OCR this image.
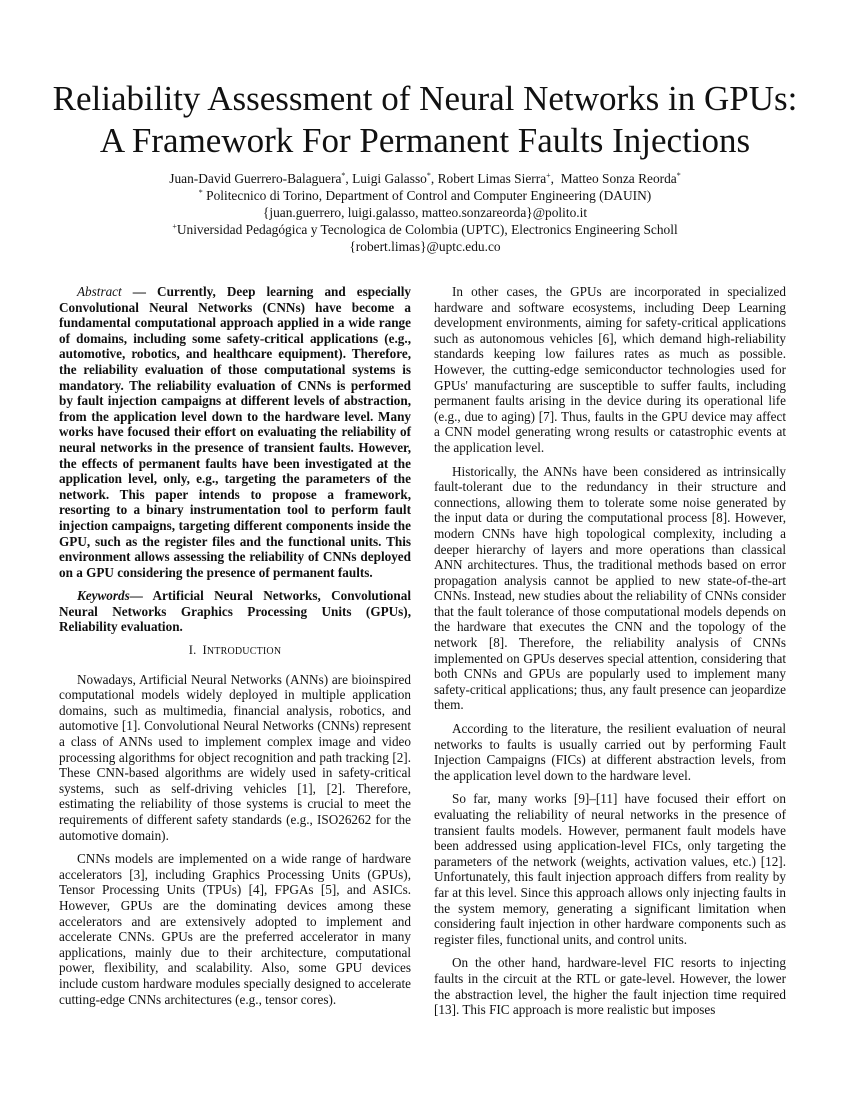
Reliability Assessment of Neural Networks in GPUs:
A Framework For Permanent Faults Injections
Juan-David Guerrero-Balaguera*, Luigi Galasso*, Robert Limas Sierra+,  Matteo Sonza Reorda*
* Politecnico di Torino, Department of Control and Computer Engineering (DAUIN)
{juan.guerrero, luigi.galasso, matteo.sonzareorda}@polito.it
+Universidad Pedagógica y Tecnologica de Colombia (UPTC), Electronics Engineering Scholl
{robert.limas}@uptc.edu.co

Abstract — Currently, Deep learning and especially Convolutional Neural Networks (CNNs) have become a fundamental computational approach applied in a wide range of domains, including some safety-critical applications (e.g., automotive, robotics, and healthcare equipment). Therefore, the reliability evaluation of those computational systems is mandatory. The reliability evaluation of CNNs is performed by fault injection campaigns at different levels of abstraction, from the application level down to the hardware level. Many works have focused their effort on evaluating the reliability of neural networks in the presence of transient faults. However, the effects of permanent faults have been investigated at the application level, only, e.g., targeting the parameters of the network. This paper intends to propose a framework, resorting to a binary instrumentation tool to perform fault injection campaigns, targeting different components inside the GPU, such as the register files and the functional units. This environment allows assessing the reliability of CNNs deployed on a GPU considering the presence of permanent faults.

Keywords— Artificial Neural Networks, Convolutional Neural Networks Graphics Processing Units (GPUs), Reliability evaluation.

I. INTRODUCTION

Nowadays, Artificial Neural Networks (ANNs) are bioinspired computational models widely deployed in multiple application domains, such as multimedia, financial analysis, robotics, and automotive [1]. Convolutional Neural Networks (CNNs) represent a class of ANNs used to implement complex image and video processing algorithms for object recognition and path tracking [2]. These CNN-based algorithms are widely used in safety-critical systems, such as self-driving vehicles [1], [2]. Therefore, estimating the reliability of those systems is crucial to meet the requirements of different safety standards (e.g., ISO26262 for the automotive domain).

CNNs models are implemented on a wide range of hardware accelerators [3], including Graphics Processing Units (GPUs), Tensor Processing Units (TPUs) [4], FPGAs [5], and ASICs. However, GPUs are the dominating devices among these accelerators and are extensively adopted to implement and accelerate CNNs. GPUs are the preferred accelerator in many applications, mainly due to their architecture, computational power, flexibility, and scalability. Also, some GPU devices include custom hardware modules specially designed to accelerate cutting-edge CNNs architectures (e.g., tensor cores).

In other cases, the GPUs are incorporated in specialized hardware and software ecosystems, including Deep Learning development environments, aiming for safety-critical applications such as autonomous vehicles [6], which demand high-reliability standards keeping low failures rates as much as possible. However, the cutting-edge semiconductor technologies used for GPUs' manufacturing are susceptible to suffer faults, including permanent faults arising in the device during its operational life (e.g., due to aging) [7]. Thus, faults in the GPU device may affect a CNN model generating wrong results or catastrophic events at the application level.

Historically, the ANNs have been considered as intrinsically fault-tolerant due to the redundancy in their structure and connections, allowing them to tolerate some noise generated by the input data or during the computational process [8]. However, modern CNNs have high topological complexity, including a deeper hierarchy of layers and more operations than classical ANN architectures. Thus, the traditional methods based on error propagation analysis cannot be applied to new state-of-the-art CNNs. Instead, new studies about the reliability of CNNs consider that the fault tolerance of those computational models depends on the hardware that executes the CNN and the topology of the network [8]. Therefore, the reliability analysis of CNNs implemented on GPUs deserves special attention, considering that both CNNs and GPUs are popularly used to implement many safety-critical applications; thus, any fault presence can jeopardize them.

According to the literature, the resilient evaluation of neural networks to faults is usually carried out by performing Fault Injection Campaigns (FICs) at different abstraction levels, from the application level down to the hardware level.

So far, many works [9]–[11] have focused their effort on evaluating the reliability of neural networks in the presence of transient faults models. However, permanent fault models have been addressed using application-level FICs, only targeting the parameters of the network (weights, activation values, etc.) [12]. Unfortunately, this fault injection approach differs from reality by far at this level. Since this approach allows only injecting faults in the system memory, generating a significant limitation when considering fault injection in other hardware components such as register files, functional units, and control units.

On the other hand, hardware-level FIC resorts to injecting faults in the circuit at the RTL or gate-level. However, the lower the abstraction level, the higher the fault injection time required [13]. This FIC approach is more realistic but imposes
